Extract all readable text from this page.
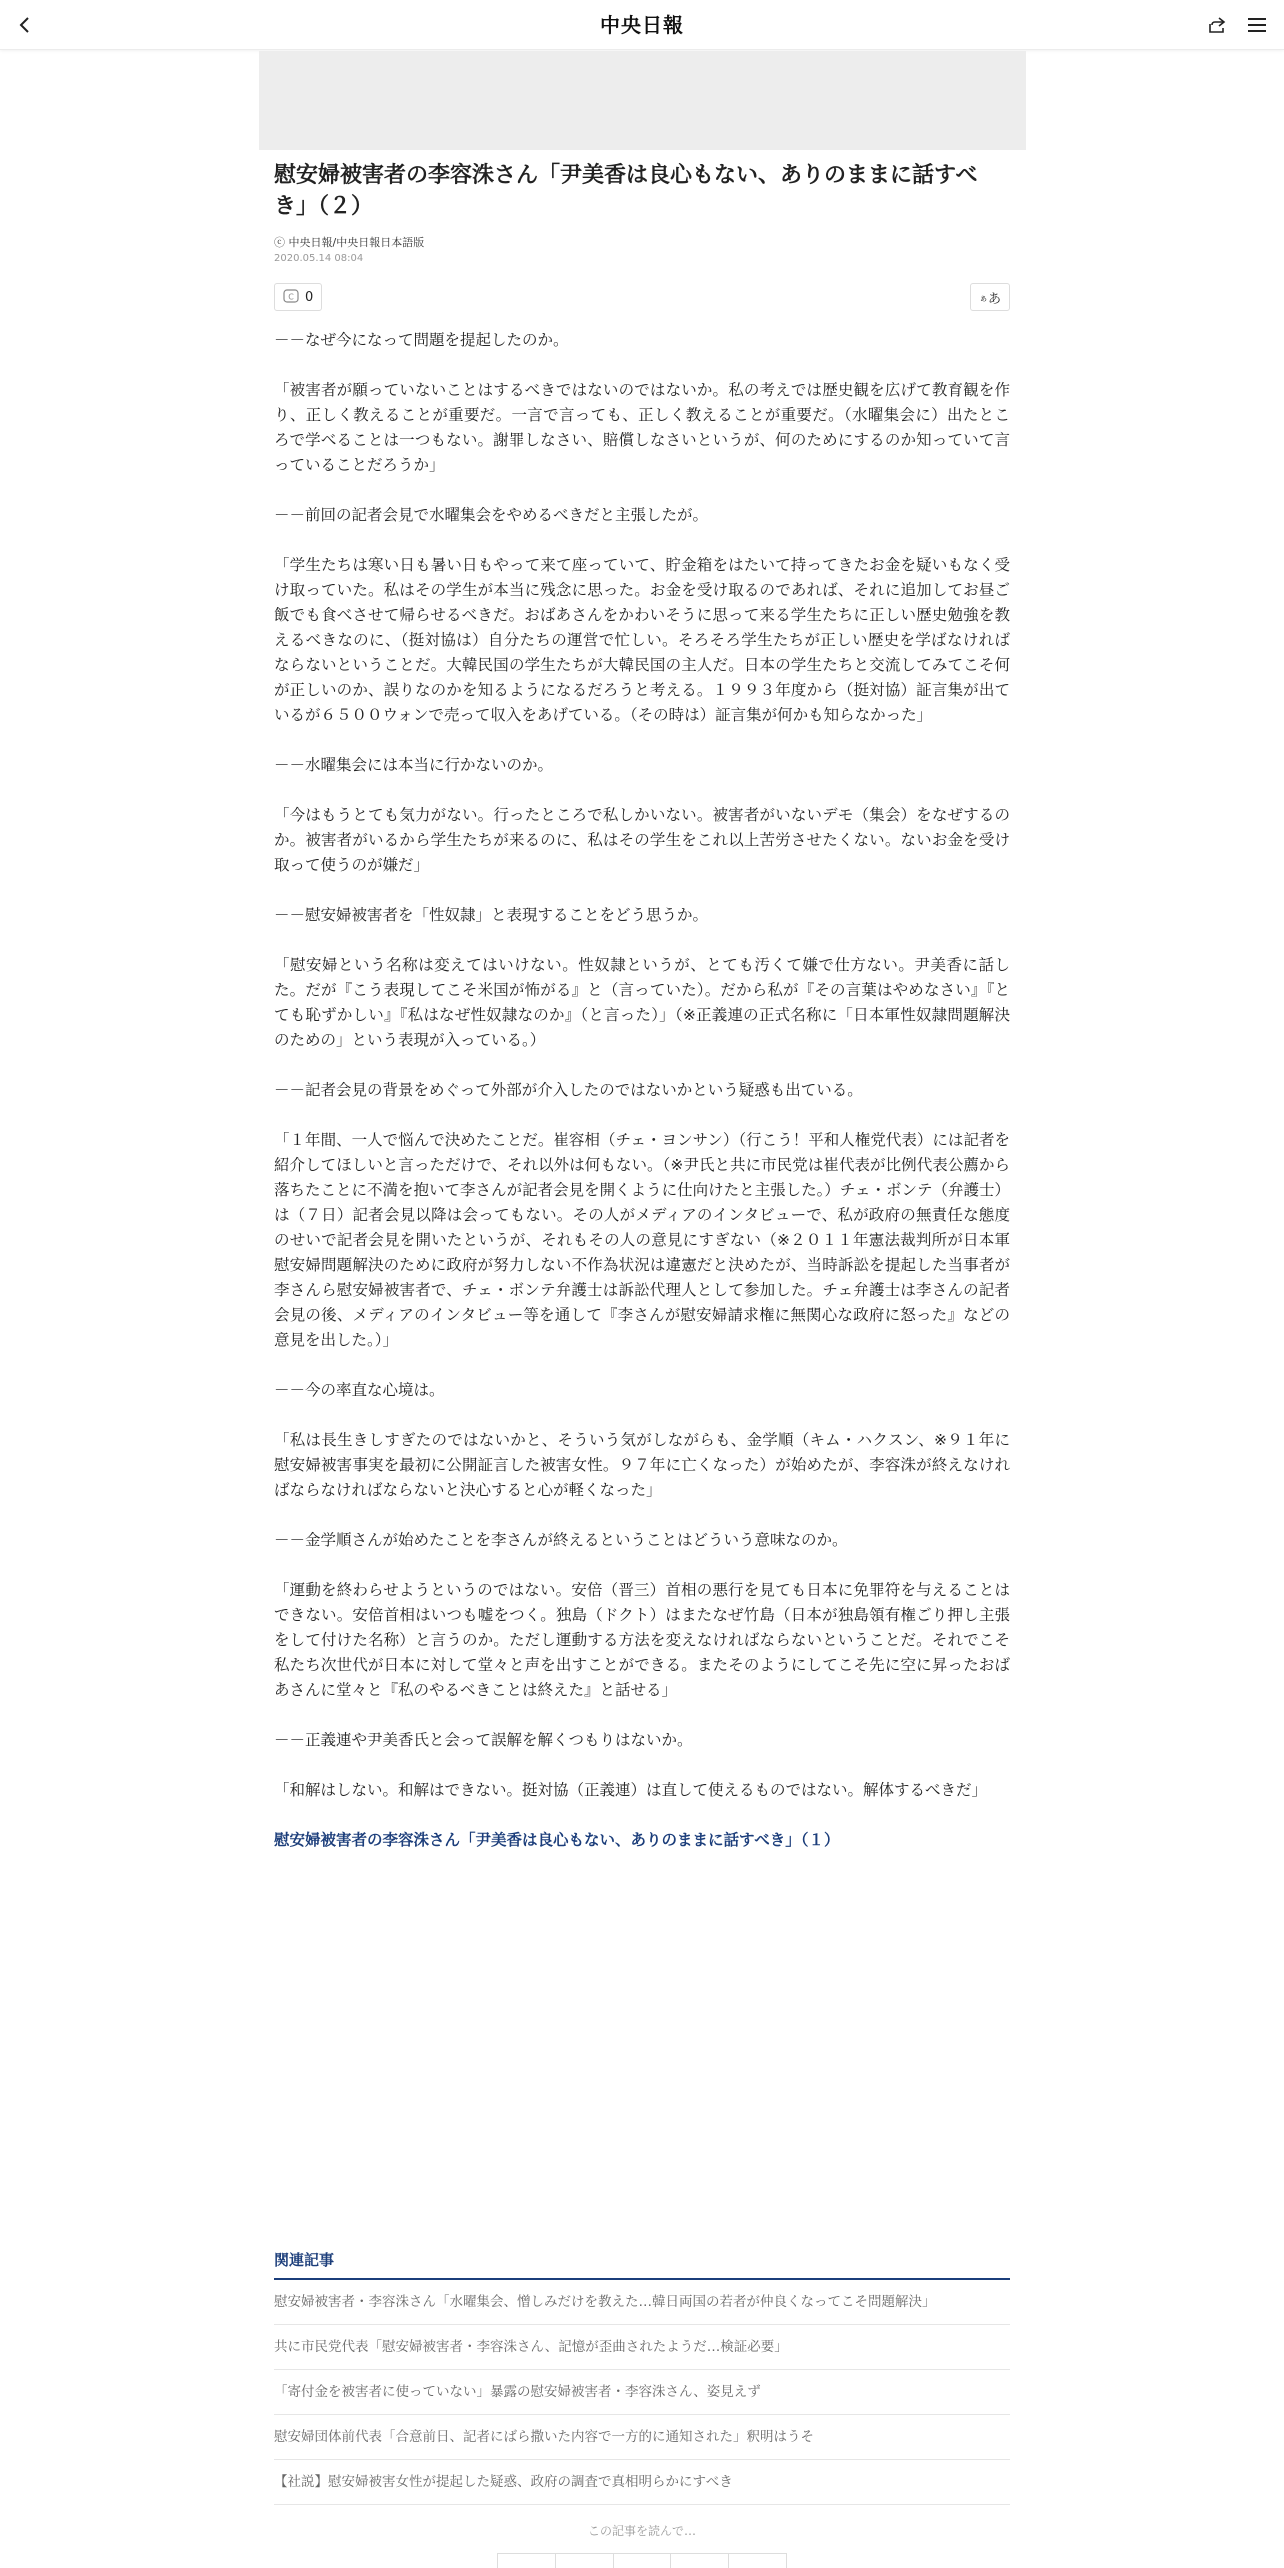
中央日報
慰安婦被害者の李容洙さん「尹美香は良心もない、ありのままに話すべき」（２）
ⓒ 中央日報/中央日報日本語版
2020.05.14 08:04
C 0	ぁ あ

－－なぜ今になって問題を提起したのか。

「被害者が願っていないことはするべきではないのではないか。私の考えでは歴史観を広げて教育観を作り、正しく教えることが重要だ。一言で言っても、正しく教えることが重要だ。（水曜集会に）出たところで学べることは一つもない。謝罪しなさい、賠償しなさいというが、何のためにするのか知っていて言っていることだろうか」

－－前回の記者会見で水曜集会をやめるべきだと主張したが。

「学生たちは寒い日も暑い日もやって来て座っていて、貯金箱をはたいて持ってきたお金を疑いもなく受け取っていた。私はその学生が本当に残念に思った。お金を受け取るのであれば、それに追加してお昼ご飯でも食べさせて帰らせるべきだ。おばあさんをかわいそうに思って来る学生たちに正しい歴史勉強を教えるべきなのに、（挺対協は）自分たちの運営で忙しい。そろそろ学生たちが正しい歴史を学ばなければならないということだ。大韓民国の学生たちが大韓民国の主人だ。日本の学生たちと交流してみてこそ何が正しいのか、誤りなのかを知るようになるだろうと考える。１９９３年度から（挺対協）証言集が出ているが６５００ウォンで売って収入をあげている。（その時は）証言集が何かも知らなかった」

－－水曜集会には本当に行かないのか。

「今はもうとても気力がない。行ったところで私しかいない。被害者がいないデモ（集会）をなぜするのか。被害者がいるから学生たちが来るのに、私はその学生をこれ以上苦労させたくない。ないお金を受け取って使うのが嫌だ」

－－慰安婦被害者を「性奴隷」と表現することをどう思うか。

「慰安婦という名称は変えてはいけない。性奴隷というが、とても汚くて嫌で仕方ない。尹美香に話した。だが『こう表現してこそ米国が怖がる』と（言っていた）。だから私が『その言葉はやめなさい』『とても恥ずかしい』『私はなぜ性奴隷なのか』（と言った）」（※正義連の正式名称に「日本軍性奴隷問題解決のための」という表現が入っている。）

－－記者会見の背景をめぐって外部が介入したのではないかという疑惑も出ている。

「１年間、一人で悩んで決めたことだ。崔容相（チェ・ヨンサン）（行こう！平和人権党代表）には記者を紹介してほしいと言っただけで、それ以外は何もない。（※尹氏と共に市民党は崔代表が比例代表公薦から落ちたことに不満を抱いて李さんが記者会見を開くように仕向けたと主張した。）チェ・ボンテ（弁護士）は（７日）記者会見以降は会ってもない。その人がメディアのインタビューで、私が政府の無責任な態度のせいで記者会見を開いたというが、それもその人の意見にすぎない（※２０１１年憲法裁判所が日本軍慰安婦問題解決のために政府が努力しない不作為状況は違憲だと決めたが、当時訴訟を提起した当事者が李さんら慰安婦被害者で、チェ・ボンテ弁護士は訴訟代理人として参加した。チェ弁護士は李さんの記者会見の後、メディアのインタビュー等を通して『李さんが慰安婦請求権に無関心な政府に怒った』などの意見を出した。）」

－－今の率直な心境は。

「私は長生きしすぎたのではないかと、そういう気がしながらも、金学順（キム・ハクスン、※９１年に慰安婦被害事実を最初に公開証言した被害女性。９７年に亡くなった）が始めたが、李容洙が終えなければならなければならないと決心すると心が軽くなった」

－－金学順さんが始めたことを李さんが終えるということはどういう意味なのか。

「運動を終わらせようというのではない。安倍（晋三）首相の悪行を見ても日本に免罪符を与えることはできない。安倍首相はいつも嘘をつく。独島（ドクト）はまたなぜ竹島（日本が独島領有権ごり押し主張をして付けた名称）と言うのか。ただし運動する方法を変えなければならないということだ。それでこそ私たち次世代が日本に対して堂々と声を出すことができる。またそのようにしてこそ先に空に昇ったおばあさんに堂々と『私のやるべきことは終えた』と話せる」

－－正義連や尹美香氏と会って誤解を解くつもりはないか。

「和解はしない。和解はできない。挺対協（正義連）は直して使えるものではない。解体するべきだ」

慰安婦被害者の李容洙さん「尹美香は良心もない、ありのままに話すべき」（１）

関連記事
慰安婦被害者・李容洙さん「水曜集会、憎しみだけを教えた…韓日両国の若者が仲良くなってこそ問題解決」
共に市民党代表「慰安婦被害者・李容洙さん、記憶が歪曲されたようだ…検証必要」
「寄付金を被害者に使っていない」暴露の慰安婦被害者・李容洙さん、姿見えず
慰安婦団体前代表「合意前日、記者にばら撒いた内容で一方的に通知された」釈明はうそ
【社説】慰安婦被害女性が提起した疑惑、政府の調査で真相明らかにすべき
この記事を読んで…
